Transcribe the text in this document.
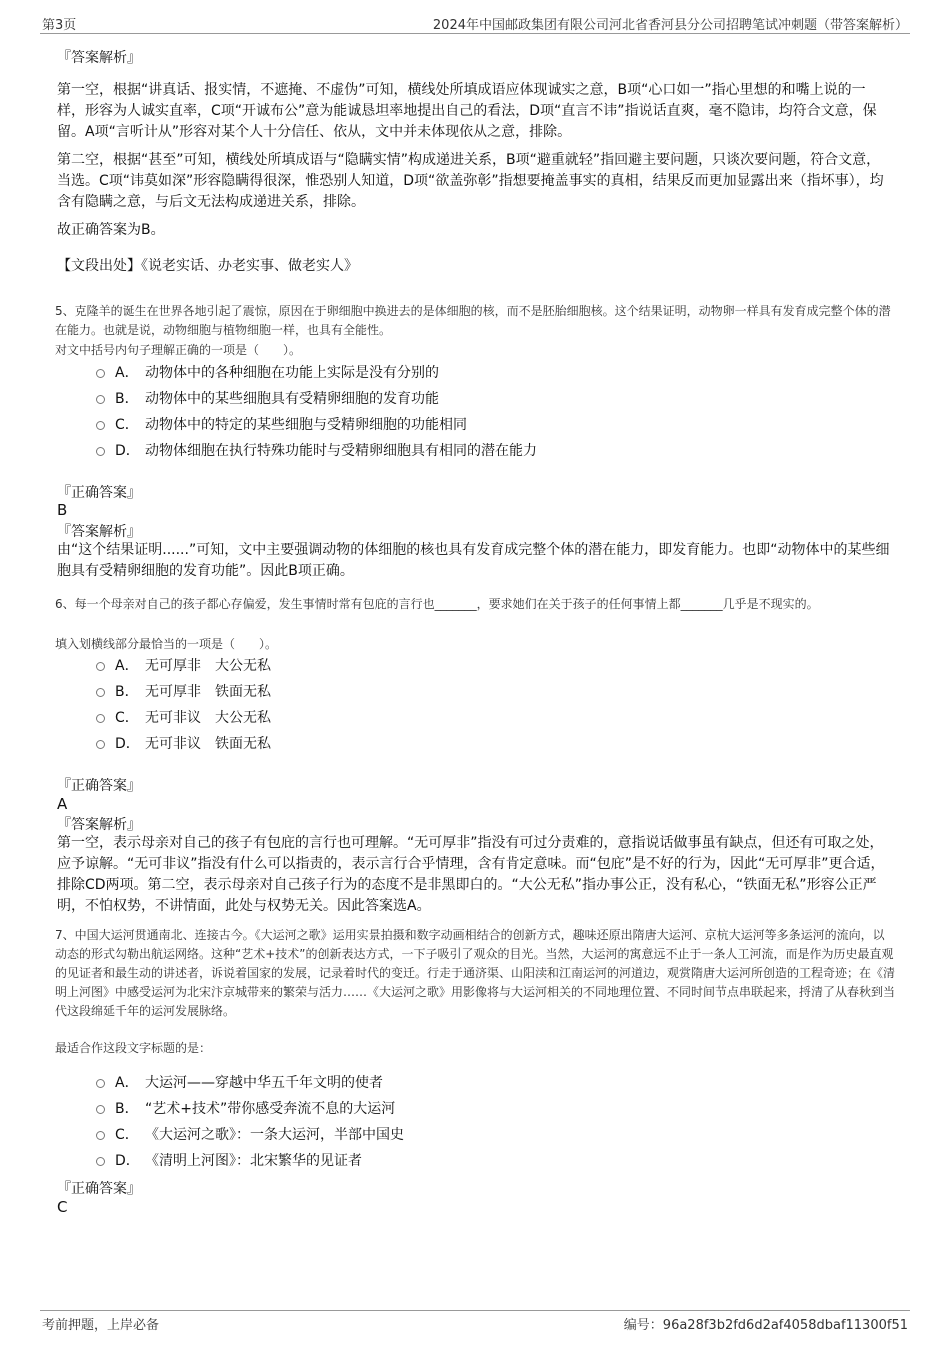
第3页	2024年中国邮政集团有限公司河北省香河县分公司招聘笔试冲刺题（带答案解析）
『答案解析』
第一空，根据“讲真话、报实情，不遮掩、不虚伪”可知，横线处所填成语应体现诚实之意，B项“心口如一”指心里想的和嘴上说的一样，形容为人诚实直率，C项“开诚布公”意为能诚恳坦率地提出自己的看法，D项“直言不讳”指说话直爽，毫不隐讳，均符合文意，保留。A项“言听计从”形容对某个人十分信任、依从，文中并未体现依从之意，排除。
第二空，根据“甚至”可知，横线处所填成语与“隐瞒实情”构成递进关系，B项“避重就轻”指回避主要问题，只谈次要问题，符合文意，当选。C项“讳莫如深”形容隐瞒得很深，惟恐别人知道，D项“欲盖弥彰”指想要掩盖事实的真相，结果反而更加显露出来（指坏事），均含有隐瞒之意，与后文无法构成递进关系，排除。
故正确答案为B。
【文段出处】《说老实话、办老实事、做老实人》
5、克隆羊的诞生在世界各地引起了震惊，原因在于卵细胞中换进去的是体细胞的核，而不是胚胎细胞核。这个结果证明，动物卵一样具有发育成完整个体的潜在能力。也就是说，动物细胞与植物细胞一样，也具有全能性。
对文中括号内句子理解正确的一项是（　　）。
A． 动物体中的各种细胞在功能上实际是没有分别的
B． 动物体中的某些细胞具有受精卵细胞的发育功能
C． 动物体中的特定的某些细胞与受精卵细胞的功能相同
D． 动物体细胞在执行特殊功能时与受精卵细胞具有相同的潜在能力
『正确答案』
B
『答案解析』
由“这个结果证明......”可知，文中主要强调动物的体细胞的核也具有发育成完整个体的潜在能力，即发育能力。也即“动物体中的某些细胞具有受精卵细胞的发育功能”。因此B项正确。
6、每一个母亲对自己的孩子都心存偏爱，发生事情时常有包庇的言行也_______，要求她们在关于孩子的任何事情上都_______几乎是不现实的。
填入划横线部分最恰当的一项是（　　）。
A． 无可厚非　大公无私
B． 无可厚非　铁面无私
C． 无可非议　大公无私
D． 无可非议　铁面无私
『正确答案』
A
『答案解析』
第一空，表示母亲对自己的孩子有包庇的言行也可理解。“无可厚非”指没有可过分责难的，意指说话做事虽有缺点，但还有可取之处，应予谅解。“无可非议”指没有什么可以指责的，表示言行合乎情理，含有肯定意味。而“包庇”是不好的行为，因此“无可厚非”更合适，排除CD两项。第二空，表示母亲对自己孩子行为的态度不是非黑即白的。“大公无私”指办事公正，没有私心，“铁面无私”形容公正严明，不怕权势，不讲情面，此处与权势无关。因此答案选A。
7、中国大运河贯通南北、连接古今。《大运河之歌》运用实景拍摄和数字动画相结合的创新方式，趣味还原出隋唐大运河、京杭大运河等多条运河的流向，以动态的形式勾勒出航运网络。这种“艺术+技术”的创新表达方式，一下子吸引了观众的目光。当然，大运河的寓意远不止于一条人工河流，而是作为历史最直观的见证者和最生动的讲述者，诉说着国家的发展，记录着时代的变迁。行走于通济渠、山阳渎和江南运河的河道边，观赏隋唐大运河所创造的工程奇迹；在《清明上河图》中感受运河为北宋汴京城带来的繁荣与活力……《大运河之歌》用影像将与大运河相关的不同地理位置、不同时间节点串联起来，捋清了从春秋到当代这段绵延千年的运河发展脉络。
最适合作这段文字标题的是：
A． 大运河——穿越中华五千年文明的使者
B． “艺术+技术”带你感受奔流不息的大运河
C． 《大运河之歌》：一条大运河，半部中国史
D． 《清明上河图》：北宋繁华的见证者
『正确答案』
C
考前押题，上岸必备	编号：96a28f3b2fd6d2af4058dbaf11300f51
